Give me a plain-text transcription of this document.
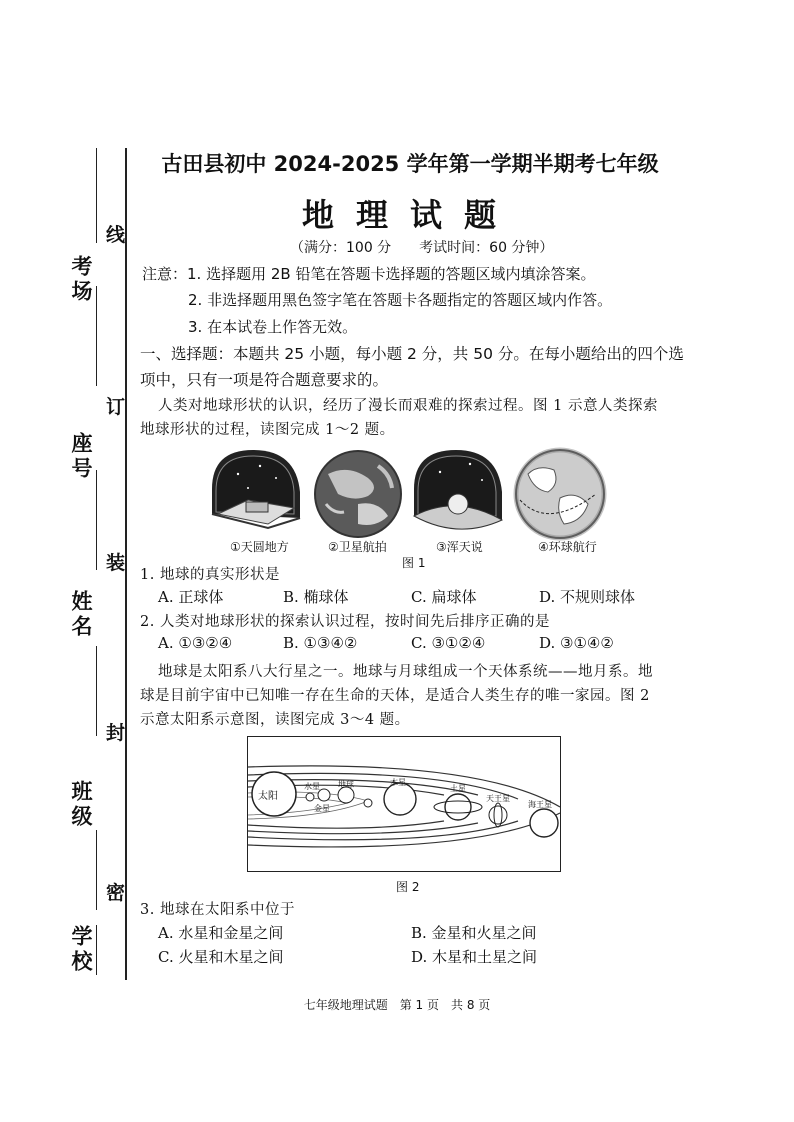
考场
座号
姓名
班级
学校
线
订
装
封
密
古田县初中 2024-2025 学年第一学期半期考七年级
地理试题
（满分：100 分　　考试时间：60 分钟）
注意：1. 选择题用 2B 铅笔在答题卡选择题的答题区域内填涂答案。
2. 非选择题用黑色签字笔在答题卡各题指定的答题区域内作答。
3. 在本试卷上作答无效。
一、选择题：本题共 25 小题，每小题 2 分，共 50 分。在每小题给出的四个选
项中，只有一项是符合题意要求的。
人类对地球形状的认识，经历了漫长而艰难的探索过程。图 1 示意人类探索
地球形状的过程，读图完成 1～2 题。
①天圆地方	②卫星航拍	③浑天说	④环球航行
图 1
1. 地球的真实形状是
A. 正球体	B. 椭球体	C. 扁球体	D. 不规则球体
2. 人类对地球形状的探索认识过程，按时间先后排序正确的是
A. ①③②④	B. ①③④②	C. ③①②④	D. ③①④②
地球是太阳系八大行星之一。地球与月球组成一个天体系统——地月系。地
球是目前宇宙中已知唯一存在生命的天体，是适合人类生存的唯一家园。图 2
示意太阳系示意图，读图完成 3～4 题。
太阳
水星
金星
地球	木星
土星
天王星
海王星
图 2
3. 地球在太阳系中位于
A. 水星和金星之间	B. 金星和火星之间
C. 火星和木星之间	D. 木星和土星之间
七年级地理试题　第 1 页　共 8 页
